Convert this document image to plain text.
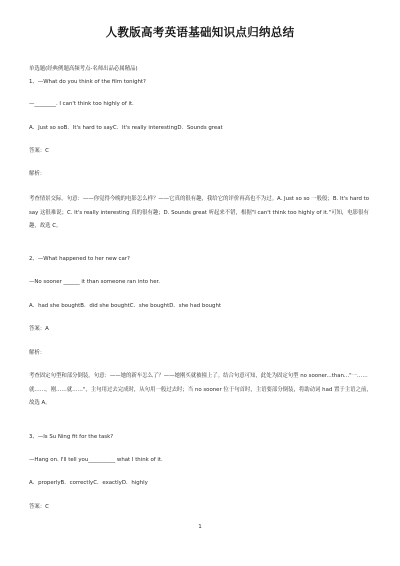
人教版高考英语基础知识点归纳总结
单选题(经典例题高频考点-名师出品必属精品)
1、—What do you think of the film tonight?
—________. I can't think too highly of it.
A．Just so soB．It's hard to sayC．It's really interestingD．Sounds great
答案：C
解析：
考查情景交际。句意：——你觉得今晚的电影怎么样？——它真的很有趣，我给它的评价再高也不为过。A. Just so so 一般般；B. It's hard to say 这很难说；C. It's really interesting 真的很有趣；D. Sounds great 听起来不错，根据"I can't think too highly of it."可知，电影很有趣，故选 C。
2、—What happened to her new car?
—No sooner ______ it than someone ran into her.
A．had she boughtB．did she boughtC．she boughtD．she had bought
答案：A
解析：
考查固定句型和部分倒装。句意：——她的新车怎么了？——她刚买就被撞上了。结合句意可知，此处为固定句型 no sooner...than..."一……就……，刚……就……"，主句用过去完成时，从句用一般过去时；当 no sooner 位于句首时，主语要部分倒装，将助动词 had 置于主语之前，故选 A。
3、—Is Su Ning fit for the task?
—Hang on. I'll tell you__________ what I think of it.
A．properlyB．correctlyC．exactlyD．highly
答案：C
1
